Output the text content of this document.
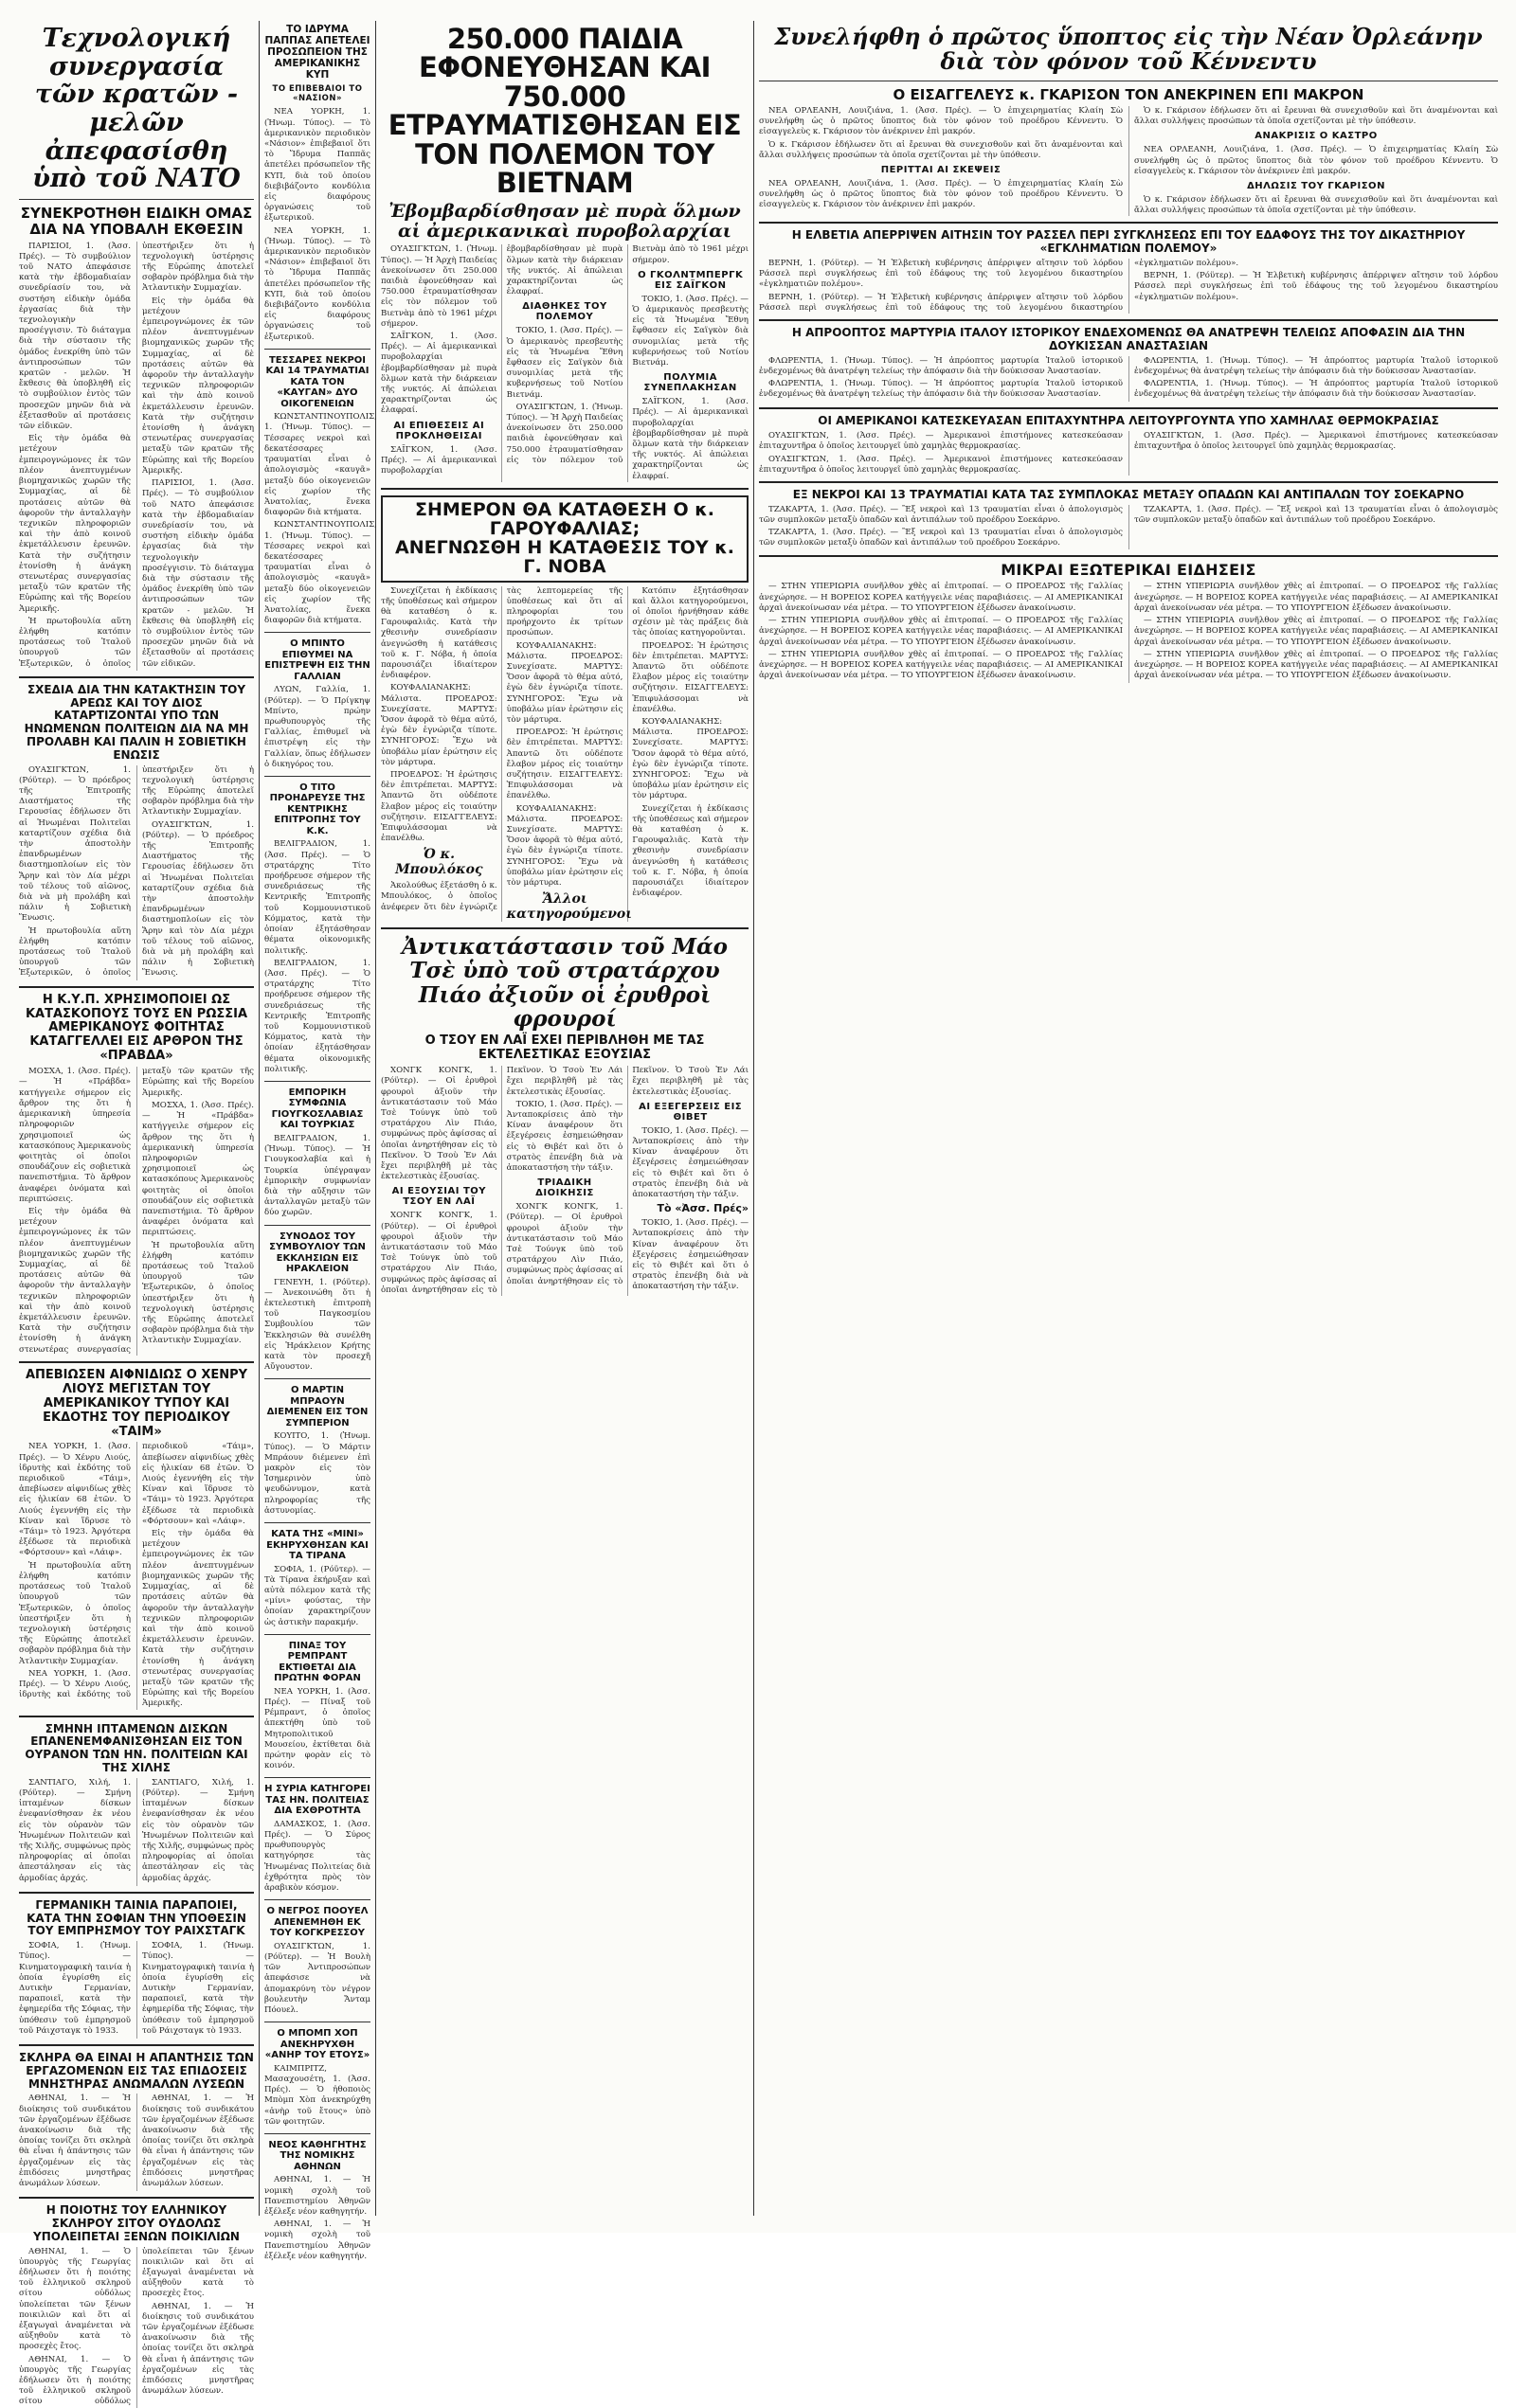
Τεχνολογική συνεργασία τῶν κρατῶν - μελῶν ἀπεφασίσθη ὑπὸ τοῦ ΝΑΤΟ
ΣΥΝΕΚΡΟΤΗΘΗ ΕΙΔΙΚΗ ΟΜΑΣ ΔΙΑ ΝΑ ΥΠΟΒΑΛΗ ΕΚΘΕΣΙΝ

ΠΑΡΙΣΙΟΙ, 1. (Ἀσσ. Πρές). — Τὸ συμβούλιον τοῦ ΝΑΤΟ ἀπεφάσισε κατὰ τὴν ἐβδομαδιαίαν συνεδρίασίν του, νὰ συστήση εἰδικὴν ὁμάδα ἐργασίας διὰ τὴν τεχνολογικὴν προσέγγισιν. Τὸ διάταγμα διὰ τὴν σύστασιν τῆς ὁμάδος ἐνεκρίθη ὑπὸ τῶν ἀντιπροσώπων τῶν κρατῶν - μελῶν. Ἡ ἔκθεσις θὰ ὑποβληθῆ εἰς τὸ συμβούλιον ἐντὸς τῶν προσεχῶν μηνῶν διὰ νὰ ἐξετασθοῦν αἱ προτάσεις τῶν εἰδικῶν.

Εἰς τὴν ὁμάδα θὰ μετέχουν ἐμπειρογνώμονες ἐκ τῶν πλέον ἀνεπτυγμένων βιομηχανικῶς χωρῶν τῆς Συμμαχίας, αἱ δὲ προτάσεις αὐτῶν θὰ ἀφοροῦν τὴν ἀνταλλαγὴν τεχνικῶν πληροφοριῶν καὶ τὴν ἀπὸ κοινοῦ ἐκμετάλλευσιν ἐρευνῶν. Κατὰ τὴν συζήτησιν ἐτονίσθη ἡ ἀνάγκη στενωτέρας συνεργασίας μεταξὺ τῶν κρατῶν τῆς Εὐρώπης καὶ τῆς Βορείου Ἀμερικῆς.

Ἡ πρωτοβουλία αὕτη ἐλήφθη κατόπιν προτάσεως τοῦ Ἰταλοῦ ὑπουργοῦ τῶν Ἐξωτερικῶν, ὁ ὁποῖος ὑπεστήριξεν ὅτι ἡ τεχνολογικὴ ὑστέρησις τῆς Εὐρώπης ἀποτελεῖ σοβαρὸν πρόβλημα διὰ τὴν Ἀτλαντικὴν Συμμαχίαν.

Εἰς τὴν ὁμάδα θὰ μετέχουν ἐμπειρογνώμονες ἐκ τῶν πλέον ἀνεπτυγμένων βιομηχανικῶς χωρῶν τῆς Συμμαχίας, αἱ δὲ προτάσεις αὐτῶν θὰ ἀφοροῦν τὴν ἀνταλλαγὴν τεχνικῶν πληροφοριῶν καὶ τὴν ἀπὸ κοινοῦ ἐκμετάλλευσιν ἐρευνῶν. Κατὰ τὴν συζήτησιν ἐτονίσθη ἡ ἀνάγκη στενωτέρας συνεργασίας μεταξὺ τῶν κρατῶν τῆς Εὐρώπης καὶ τῆς Βορείου Ἀμερικῆς.

ΠΑΡΙΣΙΟΙ, 1. (Ἀσσ. Πρές). — Τὸ συμβούλιον τοῦ ΝΑΤΟ ἀπεφάσισε κατὰ τὴν ἐβδομαδιαίαν συνεδρίασίν του, νὰ συστήση εἰδικὴν ὁμάδα ἐργασίας διὰ τὴν τεχνολογικὴν προσέγγισιν. Τὸ διάταγμα διὰ τὴν σύστασιν τῆς ὁμάδος ἐνεκρίθη ὑπὸ τῶν ἀντιπροσώπων τῶν κρατῶν - μελῶν. Ἡ ἔκθεσις θὰ ὑποβληθῆ εἰς τὸ συμβούλιον ἐντὸς τῶν προσεχῶν μηνῶν διὰ νὰ ἐξετασθοῦν αἱ προτάσεις τῶν εἰδικῶν.

ΣΧΕΔΙΑ ΔΙΑ ΤΗΝ ΚΑΤΑΚΤΗΣΙΝ ΤΟΥ ΑΡΕΩΣ ΚΑΙ ΤΟΥ ΔΙΟΣ ΚΑΤΑΡΤΙΖΟΝΤΑΙ ΥΠΟ ΤΩΝ ΗΝΩΜΕΝΩΝ ΠΟΛΙΤΕΙΩΝ ΔΙΑ ΝΑ ΜΗ ΠΡΟΛΑΒΗ ΚΑΙ ΠΑΛΙΝ Η ΣΟΒΙΕΤΙΚΗ ΕΝΩΣΙΣ

ΟΥΑΣΙΓΚΤΩΝ, 1. (Ρόϋτερ). — Ὁ πρόεδρος τῆς Ἐπιτροπῆς Διαστήματος τῆς Γερουσίας ἐδήλωσεν ὅτι αἱ Ἡνωμέναι Πολιτεῖαι καταρτίζουν σχέδια διὰ τὴν ἀποστολὴν ἐπανδρωμένων διαστημοπλοίων εἰς τὸν Ἄρην καὶ τὸν Δία μέχρι τοῦ τέλους τοῦ αἰῶνος, διὰ νὰ μὴ προλάβη καὶ πάλιν ἡ Σοβιετικὴ Ἕνωσις.

Ἡ πρωτοβουλία αὕτη ἐλήφθη κατόπιν προτάσεως τοῦ Ἰταλοῦ ὑπουργοῦ τῶν Ἐξωτερικῶν, ὁ ὁποῖος ὑπεστήριξεν ὅτι ἡ τεχνολογικὴ ὑστέρησις τῆς Εὐρώπης ἀποτελεῖ σοβαρὸν πρόβλημα διὰ τὴν Ἀτλαντικὴν Συμμαχίαν.

ΟΥΑΣΙΓΚΤΩΝ, 1. (Ρόϋτερ). — Ὁ πρόεδρος τῆς Ἐπιτροπῆς Διαστήματος τῆς Γερουσίας ἐδήλωσεν ὅτι αἱ Ἡνωμέναι Πολιτεῖαι καταρτίζουν σχέδια διὰ τὴν ἀποστολὴν ἐπανδρωμένων διαστημοπλοίων εἰς τὸν Ἄρην καὶ τὸν Δία μέχρι τοῦ τέλους τοῦ αἰῶνος, διὰ νὰ μὴ προλάβη καὶ πάλιν ἡ Σοβιετικὴ Ἕνωσις.

Η Κ.Υ.Π. ΧΡΗΣΙΜΟΠΟΙΕΙ ΩΣ ΚΑΤΑΣΚΟΠΟΥΣ ΤΟΥΣ ΕΝ ΡΩΣΣΙΑ ΑΜΕΡΙΚΑΝΟΥΣ ΦΟΙΤΗΤΑΣ ΚΑΤΑΓΓΕΛΛΕΙ ΕΙΣ ΑΡΘΡΟΝ ΤΗΣ «ΠΡΑΒΔΑ»

ΜΟΣΧΑ, 1. (Ἀσσ. Πρές). — Ἡ «Πράβδα» κατήγγειλε σήμερον εἰς ἄρθρον της ὅτι ἡ ἀμερικανικὴ ὑπηρεσία πληροφοριῶν χρησιμοποιεῖ ὡς κατασκόπους Ἀμερικανοὺς φοιτητὰς οἱ ὁποῖοι σπουδάζουν εἰς σοβιετικὰ πανεπιστήμια. Τὸ ἄρθρον ἀναφέρει ὀνόματα καὶ περιπτώσεις.

Εἰς τὴν ὁμάδα θὰ μετέχουν ἐμπειρογνώμονες ἐκ τῶν πλέον ἀνεπτυγμένων βιομηχανικῶς χωρῶν τῆς Συμμαχίας, αἱ δὲ προτάσεις αὐτῶν θὰ ἀφοροῦν τὴν ἀνταλλαγὴν τεχνικῶν πληροφοριῶν καὶ τὴν ἀπὸ κοινοῦ ἐκμετάλλευσιν ἐρευνῶν. Κατὰ τὴν συζήτησιν ἐτονίσθη ἡ ἀνάγκη στενωτέρας συνεργασίας μεταξὺ τῶν κρατῶν τῆς Εὐρώπης καὶ τῆς Βορείου Ἀμερικῆς.

ΜΟΣΧΑ, 1. (Ἀσσ. Πρές). — Ἡ «Πράβδα» κατήγγειλε σήμερον εἰς ἄρθρον της ὅτι ἡ ἀμερικανικὴ ὑπηρεσία πληροφοριῶν χρησιμοποιεῖ ὡς κατασκόπους Ἀμερικανοὺς φοιτητὰς οἱ ὁποῖοι σπουδάζουν εἰς σοβιετικὰ πανεπιστήμια. Τὸ ἄρθρον ἀναφέρει ὀνόματα καὶ περιπτώσεις.

Ἡ πρωτοβουλία αὕτη ἐλήφθη κατόπιν προτάσεως τοῦ Ἰταλοῦ ὑπουργοῦ τῶν Ἐξωτερικῶν, ὁ ὁποῖος ὑπεστήριξεν ὅτι ἡ τεχνολογικὴ ὑστέρησις τῆς Εὐρώπης ἀποτελεῖ σοβαρὸν πρόβλημα διὰ τὴν Ἀτλαντικὴν Συμμαχίαν.

ΑΠΕΒΙΩΣΕΝ ΑΙΦΝΙΔΙΩΣ Ο ΧΕΝΡΥ ΛΙΟΥΣ ΜΕΓΙΣΤΑΝ ΤΟΥ ΑΜΕΡΙΚΑΝΙΚΟΥ ΤΥΠΟΥ ΚΑΙ ΕΚΔΟΤΗΣ ΤΟΥ ΠΕΡΙΟΔΙΚΟΥ «ΤΑΙΜ»

ΝΕΑ ΥΟΡΚΗ, 1. (Ἀσσ. Πρές). — Ὁ Χένρυ Λιούς, ἱδρυτὴς καὶ ἐκδότης τοῦ περιοδικοῦ «Τάιμ», ἀπεβίωσεν αἰφνιδίως χθὲς εἰς ἡλικίαν 68 ἐτῶν. Ὁ Λιούς ἐγεννήθη εἰς τὴν Κίναν καὶ ἵδρυσε τὸ «Τάιμ» τὸ 1923. Ἀργότερα ἐξέδωσε τὰ περιοδικὰ «Φόρτσουν» καὶ «Λάιφ».

Ἡ πρωτοβουλία αὕτη ἐλήφθη κατόπιν προτάσεως τοῦ Ἰταλοῦ ὑπουργοῦ τῶν Ἐξωτερικῶν, ὁ ὁποῖος ὑπεστήριξεν ὅτι ἡ τεχνολογικὴ ὑστέρησις τῆς Εὐρώπης ἀποτελεῖ σοβαρὸν πρόβλημα διὰ τὴν Ἀτλαντικὴν Συμμαχίαν.

ΝΕΑ ΥΟΡΚΗ, 1. (Ἀσσ. Πρές). — Ὁ Χένρυ Λιούς, ἱδρυτὴς καὶ ἐκδότης τοῦ περιοδικοῦ «Τάιμ», ἀπεβίωσεν αἰφνιδίως χθὲς εἰς ἡλικίαν 68 ἐτῶν. Ὁ Λιούς ἐγεννήθη εἰς τὴν Κίναν καὶ ἵδρυσε τὸ «Τάιμ» τὸ 1923. Ἀργότερα ἐξέδωσε τὰ περιοδικὰ «Φόρτσουν» καὶ «Λάιφ».

Εἰς τὴν ὁμάδα θὰ μετέχουν ἐμπειρογνώμονες ἐκ τῶν πλέον ἀνεπτυγμένων βιομηχανικῶς χωρῶν τῆς Συμμαχίας, αἱ δὲ προτάσεις αὐτῶν θὰ ἀφοροῦν τὴν ἀνταλλαγὴν τεχνικῶν πληροφοριῶν καὶ τὴν ἀπὸ κοινοῦ ἐκμετάλλευσιν ἐρευνῶν. Κατὰ τὴν συζήτησιν ἐτονίσθη ἡ ἀνάγκη στενωτέρας συνεργασίας μεταξὺ τῶν κρατῶν τῆς Εὐρώπης καὶ τῆς Βορείου Ἀμερικῆς.

ΣΜΗΝΗ ΙΠΤΑΜΕΝΩΝ ΔΙΣΚΩΝ ΕΠΑΝΕΝΕΜΦΑΝΙΣΘΗΣΑΝ ΕΙΣ ΤΟΝ ΟΥΡΑΝΟΝ ΤΩΝ ΗΝ. ΠΟΛΙΤΕΙΩΝ ΚΑΙ ΤΗΣ ΧΙΛΗΣ

ΣΑΝΤΙΑΓΟ, Χιλή, 1. (Ρόϋτερ). — Σμήνη ἱπταμένων δίσκων ἐνεφανίσθησαν ἐκ νέου εἰς τὸν οὐρανὸν τῶν Ἡνωμένων Πολιτειῶν καὶ τῆς Χιλῆς, συμφώνως πρὸς πληροφορίας αἱ ὁποῖαι ἀπεστάλησαν εἰς τὰς ἀρμοδίας ἀρχάς.

ΣΑΝΤΙΑΓΟ, Χιλή, 1. (Ρόϋτερ). — Σμήνη ἱπταμένων δίσκων ἐνεφανίσθησαν ἐκ νέου εἰς τὸν οὐρανὸν τῶν Ἡνωμένων Πολιτειῶν καὶ τῆς Χιλῆς, συμφώνως πρὸς πληροφορίας αἱ ὁποῖαι ἀπεστάλησαν εἰς τὰς ἀρμοδίας ἀρχάς.

ΓΕΡΜΑΝΙΚΗ ΤΑΙΝΙΑ ΠΑΡΑΠΟΙΕΙ, ΚΑΤΑ ΤΗΝ ΣΟΦΙΑΝ ΤΗΝ ΥΠΟΘΕΣΙΝ ΤΟΥ ΕΜΠΡΗΣΜΟΥ ΤΟΥ ΡΑΙΧΣΤΑΓΚ

ΣΟΦΙΑ, 1. (Ἡνωμ. Τύπος). — Κινηματογραφικὴ ταινία ἡ ὁποία ἐγυρίσθη εἰς Δυτικὴν Γερμανίαν, παραποιεῖ, κατὰ τὴν ἐφημερίδα τῆς Σόφιας, τὴν ὑπόθεσιν τοῦ ἐμπρησμοῦ τοῦ Ράιχσταγκ τὸ 1933.

ΣΟΦΙΑ, 1. (Ἡνωμ. Τύπος). — Κινηματογραφικὴ ταινία ἡ ὁποία ἐγυρίσθη εἰς Δυτικὴν Γερμανίαν, παραποιεῖ, κατὰ τὴν ἐφημερίδα τῆς Σόφιας, τὴν ὑπόθεσιν τοῦ ἐμπρησμοῦ τοῦ Ράιχσταγκ τὸ 1933.

ΣΚΛΗΡΑ ΘΑ ΕΙΝΑΙ Η ΑΠΑΝΤΗΣΙΣ ΤΩΝ ΕΡΓΑΖΟΜΕΝΩΝ ΕΙΣ ΤΑΣ ΕΠΙΔΟΣΕΙΣ ΜΝΗΣΤΗΡΑΣ ΑΝΩΜΑΛΩΝ ΛΥΣΕΩΝ

ΑΘΗΝΑΙ, 1. — Ἡ διοίκησις τοῦ συνδικάτου τῶν ἐργαζομένων ἐξέδωσε ἀνακοίνωσιν διὰ τῆς ὁποίας τονίζει ὅτι σκληρὰ θὰ εἶναι ἡ ἀπάντησις τῶν ἐργαζομένων εἰς τὰς ἐπιδόσεις μνηστῆρας ἀνωμάλων λύσεων.

ΑΘΗΝΑΙ, 1. — Ἡ διοίκησις τοῦ συνδικάτου τῶν ἐργαζομένων ἐξέδωσε ἀνακοίνωσιν διὰ τῆς ὁποίας τονίζει ὅτι σκληρὰ θὰ εἶναι ἡ ἀπάντησις τῶν ἐργαζομένων εἰς τὰς ἐπιδόσεις μνηστῆρας ἀνωμάλων λύσεων.

Η ΠΟΙΟΤΗΣ ΤΟΥ ΕΛΛΗΝΙΚΟΥ ΣΚΛΗΡΟΥ ΣΙΤΟΥ ΟΥΔΟΛΩΣ ΥΠΟΛΕΙΠΕΤΑΙ ΞΕΝΩΝ ΠΟΙΚΙΛΙΩΝ

ΑΘΗΝΑΙ, 1. — Ὁ ὑπουργὸς τῆς Γεωργίας ἐδήλωσεν ὅτι ἡ ποιότης τοῦ ἑλληνικοῦ σκληροῦ σίτου οὐδόλως ὑπολείπεται τῶν ξένων ποικιλιῶν καὶ ὅτι αἱ ἐξαγωγαὶ ἀναμένεται νὰ αὐξηθοῦν κατὰ τὸ προσεχὲς ἔτος.

ΑΘΗΝΑΙ, 1. — Ὁ ὑπουργὸς τῆς Γεωργίας ἐδήλωσεν ὅτι ἡ ποιότης τοῦ ἑλληνικοῦ σκληροῦ σίτου οὐδόλως ὑπολείπεται τῶν ξένων ποικιλιῶν καὶ ὅτι αἱ ἐξαγωγαὶ ἀναμένεται νὰ αὐξηθοῦν κατὰ τὸ προσεχὲς ἔτος.

ΑΘΗΝΑΙ, 1. — Ἡ διοίκησις τοῦ συνδικάτου τῶν ἐργαζομένων ἐξέδωσε ἀνακοίνωσιν διὰ τῆς ὁποίας τονίζει ὅτι σκληρὰ θὰ εἶναι ἡ ἀπάντησις τῶν ἐργαζομένων εἰς τὰς ἐπιδόσεις μνηστῆρας ἀνωμάλων λύσεων.

ΤΟ ΙΔΡΥΜΑ ΠΑΠΠΑΣ ΑΠΕΤΕΛΕΙ ΠΡΟΣΩΠΕΙΟΝ ΤΗΣ ΑΜΕΡΙΚΑΝΙΚΗΣ ΚΥΠ
ΤΟ ΕΠΙΒΕΒΑΙΟΙ ΤΟ «ΝΑΣΙΟΝ»

ΝΕΑ ΥΟΡΚΗ, 1. (Ἡνωμ. Τύπος). — Τὸ ἀμερικανικὸν περιοδικὸν «Νάσιον» ἐπιβεβαιοῖ ὅτι τὸ Ἵδρυμα Παππᾶς ἀπετέλει πρόσωπεῖον τῆς ΚΥΠ, διὰ τοῦ ὁποίου διεβιβάζοντο κονδύλια εἰς διαφόρους ὀργανώσεις τοῦ ἐξωτερικοῦ.

ΝΕΑ ΥΟΡΚΗ, 1. (Ἡνωμ. Τύπος). — Τὸ ἀμερικανικὸν περιοδικὸν «Νάσιον» ἐπιβεβαιοῖ ὅτι τὸ Ἵδρυμα Παππᾶς ἀπετέλει πρόσωπεῖον τῆς ΚΥΠ, διὰ τοῦ ὁποίου διεβιβάζοντο κονδύλια εἰς διαφόρους ὀργανώσεις τοῦ ἐξωτερικοῦ.

ΤΕΣΣΑΡΕΣ ΝΕΚΡΟΙ ΚΑΙ 14 ΤΡΑΥΜΑΤΙΑΙ ΚΑΤΑ ΤΟΝ «ΚΑΥΓΑΝ» ΔΥΟ ΟΙΚΟΓΕΝΕΙΩΝ

ΚΩΝΣΤΑΝΤΙΝΟΥΠΟΛΙΣ, 1. (Ἡνωμ. Τύπος). — Τέσσαρες νεκροὶ καὶ δεκατέσσαρες τραυματίαι εἶναι ὁ ἀπολογισμὸς «καυγᾶ» μεταξὺ δύο οἰκογενειῶν εἰς χωρίον τῆς Ἀνατολίας, ἕνεκα διαφορῶν διὰ κτήματα.

ΚΩΝΣΤΑΝΤΙΝΟΥΠΟΛΙΣ, 1. (Ἡνωμ. Τύπος). — Τέσσαρες νεκροὶ καὶ δεκατέσσαρες τραυματίαι εἶναι ὁ ἀπολογισμὸς «καυγᾶ» μεταξὺ δύο οἰκογενειῶν εἰς χωρίον τῆς Ἀνατολίας, ἕνεκα διαφορῶν διὰ κτήματα.

Ο ΜΠΙΝΤΟ ΕΠΙΘΥΜΕΙ ΝΑ ΕΠΙΣΤΡΕΨΗ ΕΙΣ ΤΗΝ ΓΑΛΛΙΑΝ

ΛΥΩΝ, Γαλλία, 1. (Ρόϋτερ). — Ὁ Πρίγκηψ Μπίντο, πρώην πρωθυπουργὸς τῆς Γαλλίας, ἐπιθυμεῖ νὰ ἐπιστρέψη εἰς τὴν Γαλλίαν, ὅπως ἐδήλωσεν ὁ δικηγόρος του.

Ο ΤΙΤΟ ΠΡΟΗΔΡΕΥΣΕ ΤΗΣ ΚΕΝΤΡΙΚΗΣ ΕΠΙΤΡΟΠΗΣ ΤΟΥ Κ.Κ.

ΒΕΛΙΓΡΑΔΙΟΝ, 1. (Ἀσσ. Πρές). — Ὁ στρατάρχης Τίτο προήδρευσε σήμερον τῆς συνεδριάσεως τῆς Κεντρικῆς Ἐπιτροπῆς τοῦ Κομμουνιστικοῦ Κόμματος, κατὰ τὴν ὁποίαν ἐξητάσθησαν θέματα οἰκονομικῆς πολιτικῆς.

ΒΕΛΙΓΡΑΔΙΟΝ, 1. (Ἀσσ. Πρές). — Ὁ στρατάρχης Τίτο προήδρευσε σήμερον τῆς συνεδριάσεως τῆς Κεντρικῆς Ἐπιτροπῆς τοῦ Κομμουνιστικοῦ Κόμματος, κατὰ τὴν ὁποίαν ἐξητάσθησαν θέματα οἰκονομικῆς πολιτικῆς.

ΕΜΠΟΡΙΚΗ ΣΥΜΦΩΝΙΑ ΓΙΟΥΓΚΟΣΛΑΒΙΑΣ ΚΑΙ ΤΟΥΡΚΙΑΣ

ΒΕΛΙΓΡΑΔΙΟΝ, 1. (Ἡνωμ. Τύπος). — Ἡ Γιουγκοσλαβία καὶ ἡ Τουρκία ὑπέγραψαν ἐμπορικὴν συμφωνίαν διὰ τὴν αὔξησιν τῶν ἀνταλλαγῶν μεταξὺ τῶν δύο χωρῶν.

ΣΥΝΟΔΟΣ ΤΟΥ ΣΥΜΒΟΥΛΙΟΥ ΤΩΝ ΕΚΚΛΗΣΙΩΝ ΕΙΣ ΗΡΑΚΛΕΙΟΝ

ΓΕΝΕΥΗ, 1. (Ρόϋτερ). — Ἀνεκοινώθη ὅτι ἡ ἐκτελεστικὴ ἐπιτροπὴ τοῦ Παγκοσμίου Συμβουλίου τῶν Ἐκκλησιῶν θὰ συνέλθη εἰς Ἡράκλειον Κρήτης κατὰ τὸν προσεχῆ Αὔγουστον.

Ο ΜΑΡΤΙΝ ΜΠΡΑΟΥΝ ΔΙΕΜΕΝΕΝ ΕΙΣ ΤΟΝ ΣΥΜΠΕΡΙΟΝ

ΚΟΥΙΤΟ, 1. (Ἡνωμ. Τύπος). — Ὁ Μάρτιν Μπράουν διέμενεν ἐπὶ μακρὸν εἰς τὸν Ἰσημερινὸν ὑπὸ ψευδώνυμον, κατὰ πληροφορίας τῆς ἀστυνομίας.

ΚΑΤΑ ΤΗΣ «ΜΙΝΙ» ΕΚΗΡΥΧΘΗΣΑΝ ΚΑΙ ΤΑ ΤΙΡΑΝΑ

ΣΟΦΙΑ, 1. (Ρόϋτερ). — Τὰ Τίρανα ἐκήρυξαν καὶ αὐτὰ πόλεμον κατὰ τῆς «μίνι» φούστας, τὴν ὁποίαν χαρακτηρίζουν ὡς ἀστικὴν παρακμήν.

ΠΙΝΑΞ ΤΟΥ ΡΕΜΠΡΑΝΤ ΕΚΤΙΘΕΤΑΙ ΔΙΑ ΠΡΩΤΗΝ ΦΟΡΑΝ

ΝΕΑ ΥΟΡΚΗ, 1. (Ἀσσ. Πρές). — Πίναξ τοῦ Ρέμπραντ, ὁ ὁποῖος ἀπεκτήθη ὑπὸ τοῦ Μητροπολιτικοῦ Μουσείου, ἐκτίθεται διὰ πρώτην φορὰν εἰς τὸ κοινόν.

Η ΣΥΡΙΑ ΚΑΤΗΓΟΡΕΙ ΤΑΣ ΗΝ. ΠΟΛΙΤΕΙΑΣ ΔΙΑ ΕΧΘΡΟΤΗΤΑ

ΔΑΜΑΣΚΟΣ, 1. (Ἀσσ. Πρές). — Ὁ Σύρος πρωθυπουργὸς κατηγόρησε τὰς Ἡνωμένας Πολιτείας διὰ ἐχθρότητα πρὸς τὸν ἀραβικὸν κόσμον.

Ο ΝΕΓΡΟΣ ΠΟΟΥΕΛ ΑΠΕΝΕΜΗΘΗ ΕΚ ΤΟΥ ΚΟΓΚΡΕΣΣΟΥ

ΟΥΑΣΙΓΚΤΩΝ, 1. (Ρόϋτερ). — Ἡ Βουλὴ τῶν Ἀντιπροσώπων ἀπεφάσισε νὰ ἀπομακρύνη τὸν νέγρον βουλευτὴν Ἄνταμ Πόουελ.

Ο ΜΠΟΜΠ ΧΟΠ ΑΝΕΚΗΡΥΧΘΗ «ΑΝΗΡ ΤΟΥ ΕΤΟΥΣ»

ΚΑΙΜΠΡΙΤΖ, Μασαχουσέτη, 1. (Ἀσσ. Πρές). — Ὁ ἠθοποιὸς Μπὸμπ Χὸπ ἀνεκηρύχθη «ἀνὴρ τοῦ ἔτους» ὑπὸ τῶν φοιτητῶν.

ΝΕΟΣ ΚΑΘΗΓΗΤΗΣ ΤΗΣ ΝΟΜΙΚΗΣ ΑΘΗΝΩΝ

ΑΘΗΝΑΙ, 1. — Ἡ νομικὴ σχολὴ τοῦ Πανεπιστημίου Ἀθηνῶν ἐξέλεξε νέον καθηγητήν.

ΑΘΗΝΑΙ, 1. — Ἡ νομικὴ σχολὴ τοῦ Πανεπιστημίου Ἀθηνῶν ἐξέλεξε νέον καθηγητήν.

250.000 ΠΑΙΔΙΑ ΕΦΟΝΕΥΘΗΣΑΝ ΚΑΙ 750.000 ΕΤΡΑΥΜΑΤΙΣΘΗΣΑΝ ΕΙΣ ΤΟΝ ΠΟΛΕΜΟΝ ΤΟΥ ΒΙΕΤΝΑΜ
Ἐβομβαρδίσθησαν μὲ πυρὰ ὅλμων αἱ ἀμερικανικαὶ πυροβολαρχίαι

ΟΥΑΣΙΓΚΤΩΝ, 1. (Ἡνωμ. Τύπος). — Ἡ Ἀρχὴ Παιδείας ἀνεκοίνωσεν ὅτι 250.000 παιδιὰ ἐφονεύθησαν καὶ 750.000 ἐτραυματίσθησαν εἰς τὸν πόλεμον τοῦ Βιετνὰμ ἀπὸ τὸ 1961 μέχρι σήμερον.

ΣΑΪΓΚΟΝ, 1. (Ἀσσ. Πρές). — Αἱ ἀμερικανικαὶ πυροβολαρχίαι ἐβομβαρδίσθησαν μὲ πυρὰ ὅλμων κατὰ τὴν διάρκειαν τῆς νυκτός. Αἱ ἀπώλειαι χαρακτηρίζονται ὡς ἐλαφραί.

ΑΙ ΕΠΙΘΕΣΕΙΣ ΑΙ ΠΡΟΚΛΗΘΕΙΣΑΙ

ΣΑΪΓΚΟΝ, 1. (Ἀσσ. Πρές). — Αἱ ἀμερικανικαὶ πυροβολαρχίαι ἐβομβαρδίσθησαν μὲ πυρὰ ὅλμων κατὰ τὴν διάρκειαν τῆς νυκτός. Αἱ ἀπώλειαι χαρακτηρίζονται ὡς ἐλαφραί.

ΔΙΑΘΗΚΕΣ ΤΟΥ ΠΟΛΕΜΟΥ

ΤΟΚΙΟ, 1. (Ἀσσ. Πρές). — Ὁ ἀμερικανὸς πρεσβευτὴς εἰς τὰ Ἡνωμένα Ἔθνη ἔφθασεν εἰς Σαϊγκὸν διὰ συνομιλίας μετὰ τῆς κυβερνήσεως τοῦ Νοτίου Βιετνάμ.

ΟΥΑΣΙΓΚΤΩΝ, 1. (Ἡνωμ. Τύπος). — Ἡ Ἀρχὴ Παιδείας ἀνεκοίνωσεν ὅτι 250.000 παιδιὰ ἐφονεύθησαν καὶ 750.000 ἐτραυματίσθησαν εἰς τὸν πόλεμον τοῦ Βιετνὰμ ἀπὸ τὸ 1961 μέχρι σήμερον.

Ο ΓΚΟΛΝΤΜΠΕΡΓΚ ΕΙΣ ΣΑΪΓΚΟΝ

ΤΟΚΙΟ, 1. (Ἀσσ. Πρές). — Ὁ ἀμερικανὸς πρεσβευτὴς εἰς τὰ Ἡνωμένα Ἔθνη ἔφθασεν εἰς Σαϊγκὸν διὰ συνομιλίας μετὰ τῆς κυβερνήσεως τοῦ Νοτίου Βιετνάμ.

ΠΟΛΥΜΙΑ ΣΥΝΕΠΛΑΚΗΣΑΝ

ΣΑΪΓΚΟΝ, 1. (Ἀσσ. Πρές). — Αἱ ἀμερικανικαὶ πυροβολαρχίαι ἐβομβαρδίσθησαν μὲ πυρὰ ὅλμων κατὰ τὴν διάρκειαν τῆς νυκτός. Αἱ ἀπώλειαι χαρακτηρίζονται ὡς ἐλαφραί.

ΣΗΜΕΡΟΝ ΘΑ ΚΑΤΑΘΕΣΗ Ο κ. ΓΑΡΟΥΦΑΛΙΑΣ;
ΑΝΕΓΝΩΣΘΗ Η ΚΑΤΑΘΕΣΙΣ ΤΟΥ κ. Γ. ΝΟΒΑ

Συνεχίζεται ἡ ἐκδίκασις τῆς ὑποθέσεως καὶ σήμερον θὰ καταθέση ὁ κ. Γαρουφαλιᾶς. Κατὰ τὴν χθεσινὴν συνεδρίασιν ἀνεγνώσθη ἡ κατάθεσις τοῦ κ. Γ. Νόβα, ἡ ὁποία παρουσιάζει ἰδιαίτερον ἐνδιαφέρον.

ΚΟΥΦΑΛΙΑΝΑΚΗΣ: Μάλιστα. ΠΡΟΕΔΡΟΣ: Συνεχίσατε. ΜΑΡΤΥΣ: Ὅσον ἀφορᾶ τὸ θέμα αὐτό, ἐγὼ δὲν ἐγνώριζα τίποτε. ΣΥΝΗΓΟΡΟΣ: Ἔχω νὰ ὑποβάλω μίαν ἐρώτησιν εἰς τὸν μάρτυρα.

ΠΡΟΕΔΡΟΣ: Ἡ ἐρώτησις δὲν ἐπιτρέπεται. ΜΑΡΤΥΣ: Ἀπαντῶ ὅτι οὐδέποτε ἔλαβον μέρος εἰς τοιαύτην συζήτησιν. ΕΙΣΑΓΓΕΛΕΥΣ: Ἐπιφυλάσσομαι νὰ ἐπανέλθω.

Ὁ κ. Μπουλόκος

Ἀκολούθως ἐξετάσθη ὁ κ. Μπουλόκος, ὁ ὁποῖος ἀνέφερεν ὅτι δὲν ἐγνώριζε τὰς λεπτομερείας τῆς ὑποθέσεως καὶ ὅτι αἱ πληροφορίαι του προήρχοντο ἐκ τρίτων προσώπων.

ΚΟΥΦΑΛΙΑΝΑΚΗΣ: Μάλιστα. ΠΡΟΕΔΡΟΣ: Συνεχίσατε. ΜΑΡΤΥΣ: Ὅσον ἀφορᾶ τὸ θέμα αὐτό, ἐγὼ δὲν ἐγνώριζα τίποτε. ΣΥΝΗΓΟΡΟΣ: Ἔχω νὰ ὑποβάλω μίαν ἐρώτησιν εἰς τὸν μάρτυρα.

ΠΡΟΕΔΡΟΣ: Ἡ ἐρώτησις δὲν ἐπιτρέπεται. ΜΑΡΤΥΣ: Ἀπαντῶ ὅτι οὐδέποτε ἔλαβον μέρος εἰς τοιαύτην συζήτησιν. ΕΙΣΑΓΓΕΛΕΥΣ: Ἐπιφυλάσσομαι νὰ ἐπανέλθω.

ΚΟΥΦΑΛΙΑΝΑΚΗΣ: Μάλιστα. ΠΡΟΕΔΡΟΣ: Συνεχίσατε. ΜΑΡΤΥΣ: Ὅσον ἀφορᾶ τὸ θέμα αὐτό, ἐγὼ δὲν ἐγνώριζα τίποτε. ΣΥΝΗΓΟΡΟΣ: Ἔχω νὰ ὑποβάλω μίαν ἐρώτησιν εἰς τὸν μάρτυρα.

Ἄλλοι κατηγορούμενοι

Κατόπιν ἐξητάσθησαν καὶ ἄλλοι κατηγορούμενοι, οἱ ὁποῖοι ἠρνήθησαν κάθε σχέσιν μὲ τὰς πράξεις διὰ τὰς ὁποίας κατηγοροῦνται.

ΠΡΟΕΔΡΟΣ: Ἡ ἐρώτησις δὲν ἐπιτρέπεται. ΜΑΡΤΥΣ: Ἀπαντῶ ὅτι οὐδέποτε ἔλαβον μέρος εἰς τοιαύτην συζήτησιν. ΕΙΣΑΓΓΕΛΕΥΣ: Ἐπιφυλάσσομαι νὰ ἐπανέλθω.

ΚΟΥΦΑΛΙΑΝΑΚΗΣ: Μάλιστα. ΠΡΟΕΔΡΟΣ: Συνεχίσατε. ΜΑΡΤΥΣ: Ὅσον ἀφορᾶ τὸ θέμα αὐτό, ἐγὼ δὲν ἐγνώριζα τίποτε. ΣΥΝΗΓΟΡΟΣ: Ἔχω νὰ ὑποβάλω μίαν ἐρώτησιν εἰς τὸν μάρτυρα.

Συνεχίζεται ἡ ἐκδίκασις τῆς ὑποθέσεως καὶ σήμερον θὰ καταθέση ὁ κ. Γαρουφαλιᾶς. Κατὰ τὴν χθεσινὴν συνεδρίασιν ἀνεγνώσθη ἡ κατάθεσις τοῦ κ. Γ. Νόβα, ἡ ὁποία παρουσιάζει ἰδιαίτερον ἐνδιαφέρον.

Ἀντικατάστασιν τοῦ Μάο Τσὲ ὑπὸ τοῦ στρατάρχου Πιάο ἀξιοῦν οἱ ἐρυθροὶ φρουροί
Ο ΤΣΟΥ ΕΝ ΛΑΪ ΕΧΕΙ ΠΕΡΙΒΛΗΘΗ ΜΕ ΤΑΣ ΕΚΤΕΛΕΣΤΙΚΑΣ ΕΞΟΥΣΙΑΣ

ΧΟΝΓΚ ΚΟΝΓΚ, 1. (Ρόϋτερ). — Οἱ ἐρυθροὶ φρουροὶ ἀξιοῦν τὴν ἀντικατάστασιν τοῦ Μάο Τσὲ Τούνγκ ὑπὸ τοῦ στρατάρχου Λὶν Πιάο, συμφώνως πρὸς ἀφίσσας αἱ ὁποῖαι ἀνηρτήθησαν εἰς τὸ Πεκῖνον. Ὁ Τσοὺ Ἐν Λάι ἔχει περιβληθῆ μὲ τὰς ἐκτελεστικὰς ἐξουσίας.

ΑΙ ΕΞΟΥΣΙΑΙ ΤΟΥ ΤΣΟΥ ΕΝ ΛΑΪ

ΧΟΝΓΚ ΚΟΝΓΚ, 1. (Ρόϋτερ). — Οἱ ἐρυθροὶ φρουροὶ ἀξιοῦν τὴν ἀντικατάστασιν τοῦ Μάο Τσὲ Τούνγκ ὑπὸ τοῦ στρατάρχου Λὶν Πιάο, συμφώνως πρὸς ἀφίσσας αἱ ὁποῖαι ἀνηρτήθησαν εἰς τὸ Πεκῖνον. Ὁ Τσοὺ Ἐν Λάι ἔχει περιβληθῆ μὲ τὰς ἐκτελεστικὰς ἐξουσίας.

ΤΟΚΙΟ, 1. (Ἀσσ. Πρές). — Ἀνταποκρίσεις ἀπὸ τὴν Κίναν ἀναφέρουν ὅτι ἐξεγέρσεις ἐσημειώθησαν εἰς τὸ Θιβέτ καὶ ὅτι ὁ στρατὸς ἐπενέβη διὰ νὰ ἀποκαταστήση τὴν τάξιν.

ΤΡΙΑΔΙΚΗ ΔΙΟΙΚΗΣΙΣ

ΧΟΝΓΚ ΚΟΝΓΚ, 1. (Ρόϋτερ). — Οἱ ἐρυθροὶ φρουροὶ ἀξιοῦν τὴν ἀντικατάστασιν τοῦ Μάο Τσὲ Τούνγκ ὑπὸ τοῦ στρατάρχου Λὶν Πιάο, συμφώνως πρὸς ἀφίσσας αἱ ὁποῖαι ἀνηρτήθησαν εἰς τὸ Πεκῖνον. Ὁ Τσοὺ Ἐν Λάι ἔχει περιβληθῆ μὲ τὰς ἐκτελεστικὰς ἐξουσίας.

ΑΙ ΕΞΕΓΕΡΣΕΙΣ ΕΙΣ ΘΙΒΕΤ

ΤΟΚΙΟ, 1. (Ἀσσ. Πρές). — Ἀνταποκρίσεις ἀπὸ τὴν Κίναν ἀναφέρουν ὅτι ἐξεγέρσεις ἐσημειώθησαν εἰς τὸ Θιβέτ καὶ ὅτι ὁ στρατὸς ἐπενέβη διὰ νὰ ἀποκαταστήση τὴν τάξιν.

Τὸ «Ἀσσ. Πρές»

ΤΟΚΙΟ, 1. (Ἀσσ. Πρές). — Ἀνταποκρίσεις ἀπὸ τὴν Κίναν ἀναφέρουν ὅτι ἐξεγέρσεις ἐσημειώθησαν εἰς τὸ Θιβέτ καὶ ὅτι ὁ στρατὸς ἐπενέβη διὰ νὰ ἀποκαταστήση τὴν τάξιν.

Συνελήφθη ὁ πρῶτος ὕποπτος εἰς τὴν Νέαν Ὀρλεάνην διὰ τὸν φόνον τοῦ Κέννεντυ
Ο ΕΙΣΑΓΓΕΛΕΥΣ κ. ΓΚΑΡΙΣΟΝ ΤΟΝ ΑΝΕΚΡΙΝΕΝ ΕΠΙ ΜΑΚΡΟΝ

ΝΕΑ ΟΡΛΕΑΝΗ, Λουιζιάνα, 1. (Ἀσσ. Πρές). — Ὁ ἐπιχειρηματίας Κλαίη Σὼ συνελήφθη ὡς ὁ πρῶτος ὕποπτος διὰ τὸν φόνον τοῦ προέδρου Κέννεντυ. Ὁ εἰσαγγελεὺς κ. Γκάρισον τὸν ἀνέκρινεν ἐπὶ μακρόν.

Ὁ κ. Γκάρισον ἐδήλωσεν ὅτι αἱ ἔρευναι θὰ συνεχισθοῦν καὶ ὅτι ἀναμένονται καὶ ἄλλαι συλλήψεις προσώπων τὰ ὁποῖα σχετίζονται μὲ τὴν ὑπόθεσιν.

ΠΕΡΙΤΤΑΙ ΑΙ ΣΚΕΨΕΙΣ

ΝΕΑ ΟΡΛΕΑΝΗ, Λουιζιάνα, 1. (Ἀσσ. Πρές). — Ὁ ἐπιχειρηματίας Κλαίη Σὼ συνελήφθη ὡς ὁ πρῶτος ὕποπτος διὰ τὸν φόνον τοῦ προέδρου Κέννεντυ. Ὁ εἰσαγγελεὺς κ. Γκάρισον τὸν ἀνέκρινεν ἐπὶ μακρόν.

Ὁ κ. Γκάρισον ἐδήλωσεν ὅτι αἱ ἔρευναι θὰ συνεχισθοῦν καὶ ὅτι ἀναμένονται καὶ ἄλλαι συλλήψεις προσώπων τὰ ὁποῖα σχετίζονται μὲ τὴν ὑπόθεσιν.

ΑΝΑΚΡΙΣΙΣ Ο ΚΑΣΤΡΟ

ΝΕΑ ΟΡΛΕΑΝΗ, Λουιζιάνα, 1. (Ἀσσ. Πρές). — Ὁ ἐπιχειρηματίας Κλαίη Σὼ συνελήφθη ὡς ὁ πρῶτος ὕποπτος διὰ τὸν φόνον τοῦ προέδρου Κέννεντυ. Ὁ εἰσαγγελεὺς κ. Γκάρισον τὸν ἀνέκρινεν ἐπὶ μακρόν.

ΔΗΛΩΣΙΣ ΤΟΥ ΓΚΑΡΙΣΟΝ

Ὁ κ. Γκάρισον ἐδήλωσεν ὅτι αἱ ἔρευναι θὰ συνεχισθοῦν καὶ ὅτι ἀναμένονται καὶ ἄλλαι συλλήψεις προσώπων τὰ ὁποῖα σχετίζονται μὲ τὴν ὑπόθεσιν.

Η ΕΛΒΕΤΙΑ ΑΠΕΡΡΙΨΕΝ ΑΙΤΗΣΙΝ ΤΟΥ ΡΑΣΣΕΛ ΠΕΡΙ ΣΥΓΚΛΗΣΕΩΣ ΕΠΙ ΤΟΥ ΕΔΑΦΟΥΣ ΤΗΣ ΤΟΥ ΔΙΚΑΣΤΗΡΙΟΥ «ΕΓΚΛΗΜΑΤΙΩΝ ΠΟΛΕΜΟΥ»

ΒΕΡΝΗ, 1. (Ρόϋτερ). — Ἡ Ἑλβετικὴ κυβέρνησις ἀπέρριψεν αἴτησιν τοῦ λόρδου Ράσσελ περὶ συγκλήσεως ἐπὶ τοῦ ἐδάφους της τοῦ λεγομένου δικαστηρίου «ἐγκληματιῶν πολέμου».

ΒΕΡΝΗ, 1. (Ρόϋτερ). — Ἡ Ἑλβετικὴ κυβέρνησις ἀπέρριψεν αἴτησιν τοῦ λόρδου Ράσσελ περὶ συγκλήσεως ἐπὶ τοῦ ἐδάφους της τοῦ λεγομένου δικαστηρίου «ἐγκληματιῶν πολέμου».

ΒΕΡΝΗ, 1. (Ρόϋτερ). — Ἡ Ἑλβετικὴ κυβέρνησις ἀπέρριψεν αἴτησιν τοῦ λόρδου Ράσσελ περὶ συγκλήσεως ἐπὶ τοῦ ἐδάφους της τοῦ λεγομένου δικαστηρίου «ἐγκληματιῶν πολέμου».

Η ΑΠΡΟΟΠΤΟΣ ΜΑΡΤΥΡΙΑ ΙΤΑΛΟΥ ΙΣΤΟΡΙΚΟΥ ΕΝΔΕΧΟΜΕΝΩΣ ΘΑ ΑΝΑΤΡΕΨΗ ΤΕΛΕΙΩΣ ΑΠΟΦΑΣΙΝ ΔΙΑ ΤΗΝ ΔΟΥΚΙΣΣΑΝ ΑΝΑΣΤΑΣΙΑΝ

ΦΛΩΡΕΝΤΙΑ, 1. (Ἡνωμ. Τύπος). — Ἡ ἀπρόοπτος μαρτυρία Ἰταλοῦ ἱστορικοῦ ἐνδεχομένως θὰ ἀνατρέψη τελείως τὴν ἀπόφασιν διὰ τὴν δούκισσαν Ἀναστασίαν.

ΦΛΩΡΕΝΤΙΑ, 1. (Ἡνωμ. Τύπος). — Ἡ ἀπρόοπτος μαρτυρία Ἰταλοῦ ἱστορικοῦ ἐνδεχομένως θὰ ἀνατρέψη τελείως τὴν ἀπόφασιν διὰ τὴν δούκισσαν Ἀναστασίαν.

ΦΛΩΡΕΝΤΙΑ, 1. (Ἡνωμ. Τύπος). — Ἡ ἀπρόοπτος μαρτυρία Ἰταλοῦ ἱστορικοῦ ἐνδεχομένως θὰ ἀνατρέψη τελείως τὴν ἀπόφασιν διὰ τὴν δούκισσαν Ἀναστασίαν.

ΦΛΩΡΕΝΤΙΑ, 1. (Ἡνωμ. Τύπος). — Ἡ ἀπρόοπτος μαρτυρία Ἰταλοῦ ἱστορικοῦ ἐνδεχομένως θὰ ἀνατρέψη τελείως τὴν ἀπόφασιν διὰ τὴν δούκισσαν Ἀναστασίαν.

ΟΙ ΑΜΕΡΙΚΑΝΟΙ ΚΑΤΕΣΚΕΥΑΣΑΝ ΕΠΙΤΑΧΥΝΤΗΡΑ ΛΕΙΤΟΥΡΓΟΥΝΤΑ ΥΠΟ ΧΑΜΗΛΑΣ ΘΕΡΜΟΚΡΑΣΙΑΣ

ΟΥΑΣΙΓΚΤΩΝ, 1. (Ἀσσ. Πρές). — Ἀμερικανοὶ ἐπιστήμονες κατεσκεύασαν ἐπιταχυντῆρα ὁ ὁποῖος λειτουργεῖ ὑπὸ χαμηλὰς θερμοκρασίας.

ΟΥΑΣΙΓΚΤΩΝ, 1. (Ἀσσ. Πρές). — Ἀμερικανοὶ ἐπιστήμονες κατεσκεύασαν ἐπιταχυντῆρα ὁ ὁποῖος λειτουργεῖ ὑπὸ χαμηλὰς θερμοκρασίας.

ΟΥΑΣΙΓΚΤΩΝ, 1. (Ἀσσ. Πρές). — Ἀμερικανοὶ ἐπιστήμονες κατεσκεύασαν ἐπιταχυντῆρα ὁ ὁποῖος λειτουργεῖ ὑπὸ χαμηλὰς θερμοκρασίας.

ΕΞ ΝΕΚΡΟΙ ΚΑΙ 13 ΤΡΑΥΜΑΤΙΑΙ ΚΑΤΑ ΤΑΣ ΣΥΜΠΛΟΚΑΣ ΜΕΤΑΞΥ ΟΠΑΔΩΝ ΚΑΙ ΑΝΤΙΠΑΛΩΝ ΤΟΥ ΣΟΕΚΑΡΝΟ

ΤΖΑΚΑΡΤΑ, 1. (Ἀσσ. Πρές). — Ἓξ νεκροὶ καὶ 13 τραυματίαι εἶναι ὁ ἀπολογισμὸς τῶν συμπλοκῶν μεταξὺ ὀπαδῶν καὶ ἀντιπάλων τοῦ προέδρου Σοεκάρνο.

ΤΖΑΚΑΡΤΑ, 1. (Ἀσσ. Πρές). — Ἓξ νεκροὶ καὶ 13 τραυματίαι εἶναι ὁ ἀπολογισμὸς τῶν συμπλοκῶν μεταξὺ ὀπαδῶν καὶ ἀντιπάλων τοῦ προέδρου Σοεκάρνο.

ΤΖΑΚΑΡΤΑ, 1. (Ἀσσ. Πρές). — Ἓξ νεκροὶ καὶ 13 τραυματίαι εἶναι ὁ ἀπολογισμὸς τῶν συμπλοκῶν μεταξὺ ὀπαδῶν καὶ ἀντιπάλων τοῦ προέδρου Σοεκάρνο.

ΜΙΚΡΑΙ ΕΞΩΤΕΡΙΚΑΙ ΕΙΔΗΣΕΙΣ

— ΣΤΗΝ ΥΠΕΡΙΩΡΙΑ συνῆλθον χθὲς αἱ ἐπιτροπαί. — Ο ΠΡΟΕΔΡΟΣ τῆς Γαλλίας ἀνεχώρησε. — Η ΒΟΡΕΙΟΣ ΚΟΡΕΑ κατήγγειλε νέας παραβιάσεις. — ΑΙ ΑΜΕΡΙΚΑΝΙΚΑΙ ἀρχαὶ ἀνεκοίνωσαν νέα μέτρα. — ΤΟ ΥΠΟΥΡΓΕΙΟΝ ἐξέδωσεν ἀνακοίνωσιν.

— ΣΤΗΝ ΥΠΕΡΙΩΡΙΑ συνῆλθον χθὲς αἱ ἐπιτροπαί. — Ο ΠΡΟΕΔΡΟΣ τῆς Γαλλίας ἀνεχώρησε. — Η ΒΟΡΕΙΟΣ ΚΟΡΕΑ κατήγγειλε νέας παραβιάσεις. — ΑΙ ΑΜΕΡΙΚΑΝΙΚΑΙ ἀρχαὶ ἀνεκοίνωσαν νέα μέτρα. — ΤΟ ΥΠΟΥΡΓΕΙΟΝ ἐξέδωσεν ἀνακοίνωσιν.

— ΣΤΗΝ ΥΠΕΡΙΩΡΙΑ συνῆλθον χθὲς αἱ ἐπιτροπαί. — Ο ΠΡΟΕΔΡΟΣ τῆς Γαλλίας ἀνεχώρησε. — Η ΒΟΡΕΙΟΣ ΚΟΡΕΑ κατήγγειλε νέας παραβιάσεις. — ΑΙ ΑΜΕΡΙΚΑΝΙΚΑΙ ἀρχαὶ ἀνεκοίνωσαν νέα μέτρα. — ΤΟ ΥΠΟΥΡΓΕΙΟΝ ἐξέδωσεν ἀνακοίνωσιν.

— ΣΤΗΝ ΥΠΕΡΙΩΡΙΑ συνῆλθον χθὲς αἱ ἐπιτροπαί. — Ο ΠΡΟΕΔΡΟΣ τῆς Γαλλίας ἀνεχώρησε. — Η ΒΟΡΕΙΟΣ ΚΟΡΕΑ κατήγγειλε νέας παραβιάσεις. — ΑΙ ΑΜΕΡΙΚΑΝΙΚΑΙ ἀρχαὶ ἀνεκοίνωσαν νέα μέτρα. — ΤΟ ΥΠΟΥΡΓΕΙΟΝ ἐξέδωσεν ἀνακοίνωσιν.

— ΣΤΗΝ ΥΠΕΡΙΩΡΙΑ συνῆλθον χθὲς αἱ ἐπιτροπαί. — Ο ΠΡΟΕΔΡΟΣ τῆς Γαλλίας ἀνεχώρησε. — Η ΒΟΡΕΙΟΣ ΚΟΡΕΑ κατήγγειλε νέας παραβιάσεις. — ΑΙ ΑΜΕΡΙΚΑΝΙΚΑΙ ἀρχαὶ ἀνεκοίνωσαν νέα μέτρα. — ΤΟ ΥΠΟΥΡΓΕΙΟΝ ἐξέδωσεν ἀνακοίνωσιν.

— ΣΤΗΝ ΥΠΕΡΙΩΡΙΑ συνῆλθον χθὲς αἱ ἐπιτροπαί. — Ο ΠΡΟΕΔΡΟΣ τῆς Γαλλίας ἀνεχώρησε. — Η ΒΟΡΕΙΟΣ ΚΟΡΕΑ κατήγγειλε νέας παραβιάσεις. — ΑΙ ΑΜΕΡΙΚΑΝΙΚΑΙ ἀρχαὶ ἀνεκοίνωσαν νέα μέτρα. — ΤΟ ΥΠΟΥΡΓΕΙΟΝ ἐξέδωσεν ἀνακοίνωσιν.
